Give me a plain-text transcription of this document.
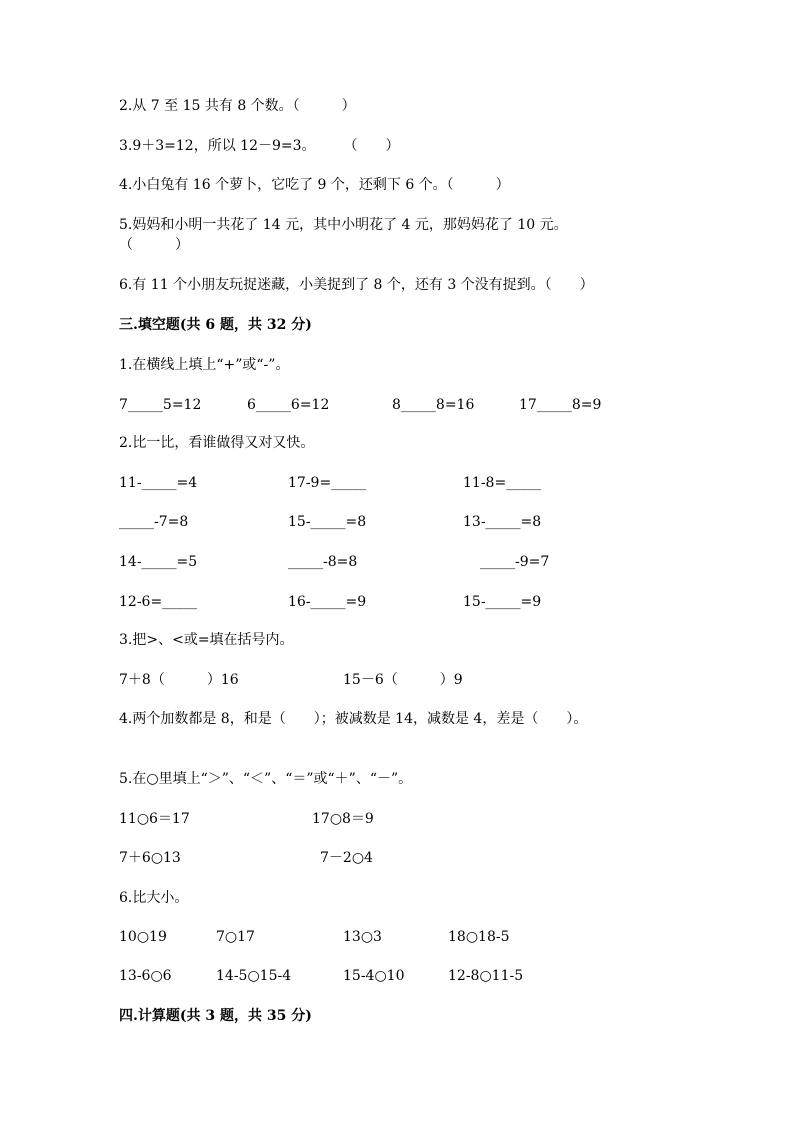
2.从 7 至 15 共有 8 个数。（　　　）
3.9＋3=12，所以 12－9=3。　　　（　　）
4.小白兔有 16 个萝卜，它吃了 9 个，还剩下 6 个。（　　　）
5.妈妈和小明一共花了 14 元，其中小明花了 4 元，那妈妈花了 10 元。
（　　　）
6.有 11 个小朋友玩捉迷藏，小美捉到了 8 个，还有 3 个没有捉到。（　　）
三.填空题(共 6 题，共 32 分)
1.在横线上填上“+”或“-”。
7_____5=12	6_____6=12	8_____8=16	17_____8=9
2.比一比，看谁做得又对又快。
11-_____=4	17-9=_____	11-8=_____
_____-7=8	15-_____=8	13-_____=8
14-_____=5	_____-8=8	_____-9=7
12-6=_____	16-_____=9	15-_____=9
3.把>、<或=填在括号内。
7＋8（　　　）16	15－6（　　　）9
4.两个加数都是 8，和是（　　）；被减数是 14，减数是 4，差是（　　）。
5.在○里填上“＞”、“＜”、“＝”或“＋”、“－”。
11○6＝17	17○8＝9
7＋6○13	7－2○4
6.比大小。
10○19	7○17	13○3	18○18-5
13-6○6	14-5○15-4	15-4○10	12-8○11-5
四.计算题(共 3 题，共 35 分)
